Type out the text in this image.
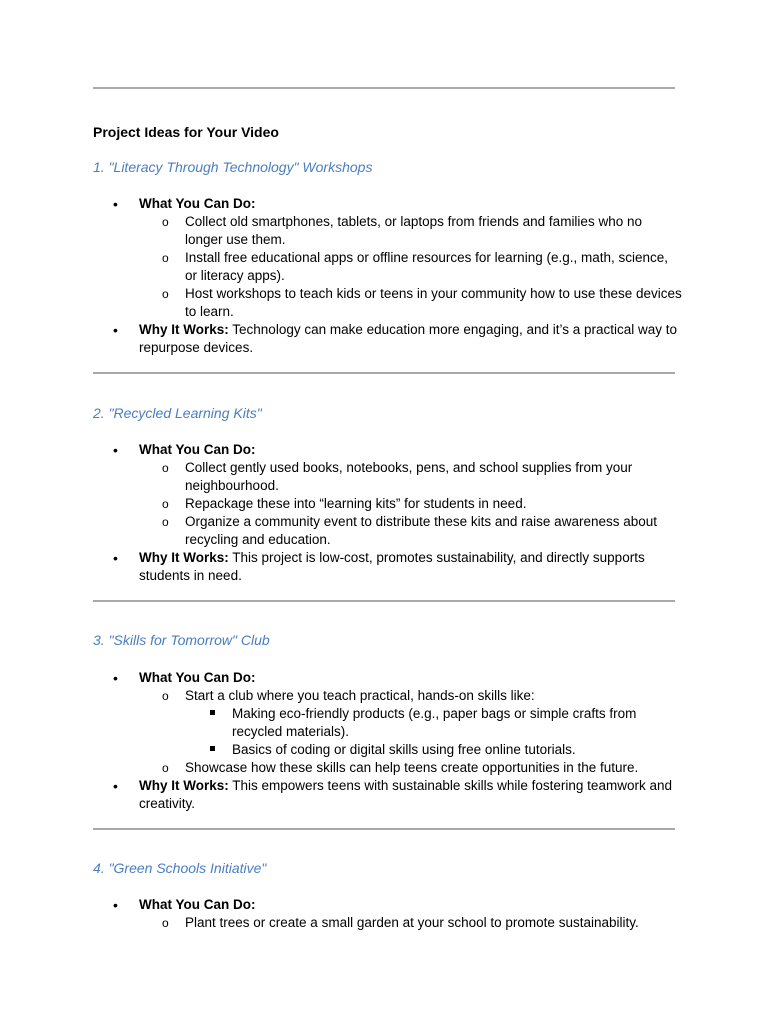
Project Ideas for Your Video
1. "Literacy Through Technology" Workshops

• What You Can Do:

o Collect old smartphones, tablets, or laptops from friends and families who no longer use them.

o Install free educational apps or offline resources for learning (e.g., math, science, or literacy apps).

o Host workshops to teach kids or teens in your community how to use these devices to learn.

• Why It Works: Technology can make education more engaging, and it’s a practical way to repurpose devices.

2. "Recycled Learning Kits"

• What You Can Do:

o Collect gently used books, notebooks, pens, and school supplies from your neighbourhood.

o Repackage these into “learning kits” for students in need.

o Organize a community event to distribute these kits and raise awareness about recycling and education.

• Why It Works: This project is low-cost, promotes sustainability, and directly supports students in need.

3. "Skills for Tomorrow" Club

• What You Can Do:

o Start a club where you teach practical, hands-on skills like:

Making eco-friendly products (e.g., paper bags or simple crafts from recycled materials).

Basics of coding or digital skills using free online tutorials.

o Showcase how these skills can help teens create opportunities in the future.

• Why It Works: This empowers teens with sustainable skills while fostering teamwork and creativity.

4. "Green Schools Initiative"

• What You Can Do:

o Plant trees or create a small garden at your school to promote sustainability.
